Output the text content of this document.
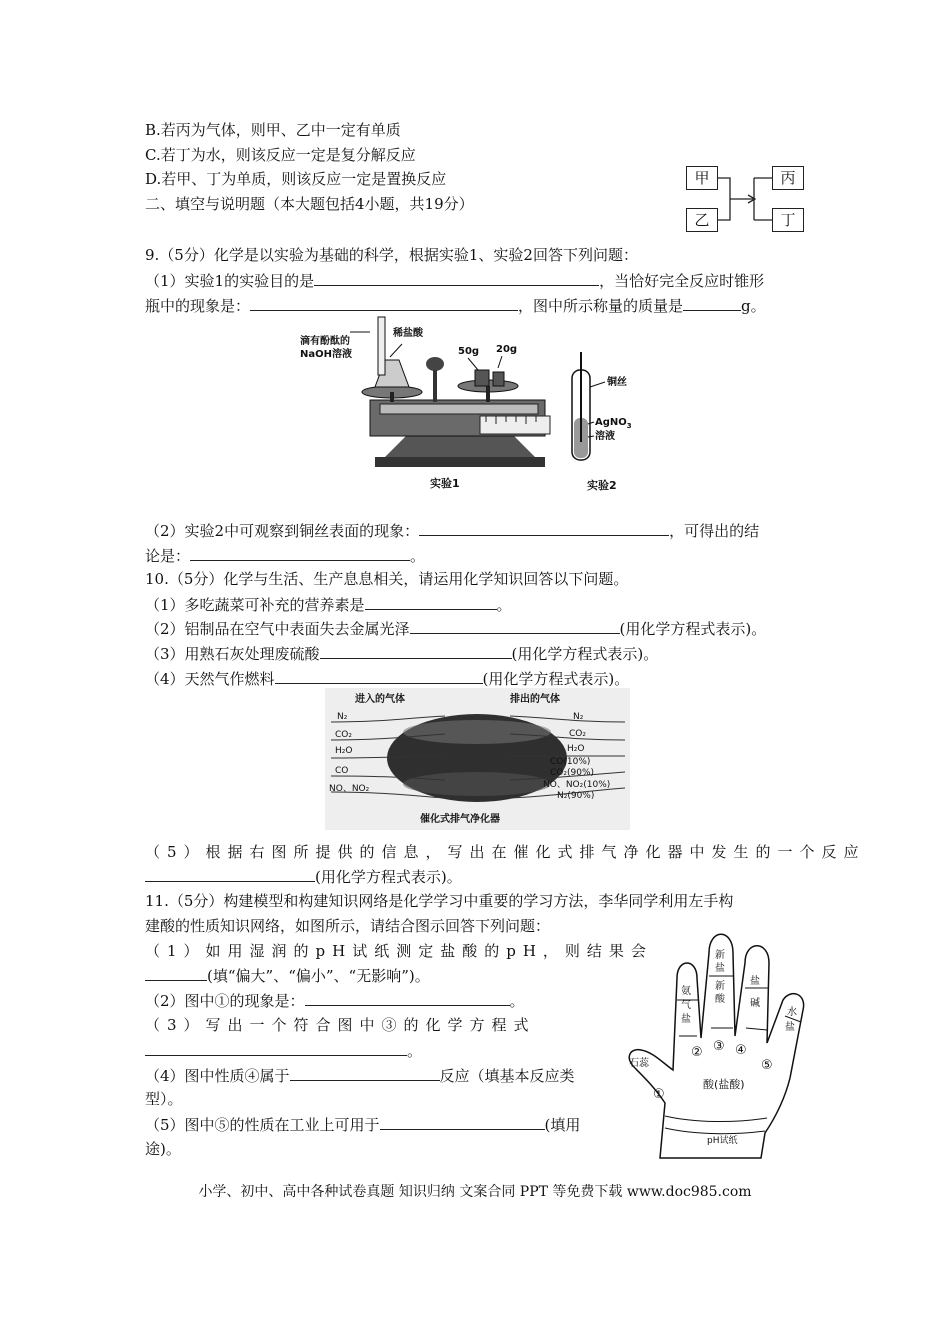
B.若丙为气体，则甲、乙中一定有单质
C.若丁为水，则该反应一定是复分解反应
D.若甲、丁为单质，则该反应一定是置换反应
二、填空与说明题（本大题包括4小题，共19分）
甲
乙
丙
丁
9.（5分）化学是以实验为基础的科学，根据实验1、实验2回答下列问题：
（1）实验1的实验目的是	，当恰好完全反应时锥形
瓶中的现象是：	，图中所示称量的质量是	g。
滴有酚酞的
NaOH溶液
稀盐酸
50g 20g
铜丝
AgNO$_3$
溶液
实验1	实验2
（2）实验2中可观察到铜丝表面的现象：	，可得出的结
论是：	。
10.（5分）化学与生活、生产息息相关，请运用化学知识回答以下问题。
（1）多吃蔬菜可补充的营养素是	。
（2）铝制品在空气中表面失去金属光泽	(用化学方程式表示)。
（3）用熟石灰处理废硫酸	(用化学方程式表示)。
（4）天然气作燃料	(用化学方程式表示)。
进入的气体	排出的气体
N₂
CO₂
H₂O
CO
NO、NO₂
N₂
CO₂
H₂O
CO(10%)
CO₂(90%)
NO、NO₂(10%)
N₂(90%)
催化式排气净化器
（5）根据右图所提供的信息，写出在催化式排气净化器中发生的一个反应
(用化学方程式表示)。
11.（5分）构建模型和构建知识网络是化学学习中重要的学习方法，李华同学利用左手构
建酸的性质知识网络，如图所示，请结合图示回答下列问题：
（1）如用湿润的pH试纸测定盐酸的pH，则结果会
(填“偏大”、“偏小”、“无影响”)。
（2）图中①的现象是：	。
（3）写出一个符合图中③的化学方程式
。
（4）图中性质④属于	反应（填基本反应类
型）。
（5）图中⑤的性质在工业上可用于	(填用
途)。
氨
气
盐
新
盐
新
酸
盐
碱
水
盐
石蕊
①
② ③ ④
⑤
酸(盐酸)
pH试纸
小学、初中、高中各种试卷真题 知识归纳 文案合同 PPT 等免费下载 www.doc985.com
